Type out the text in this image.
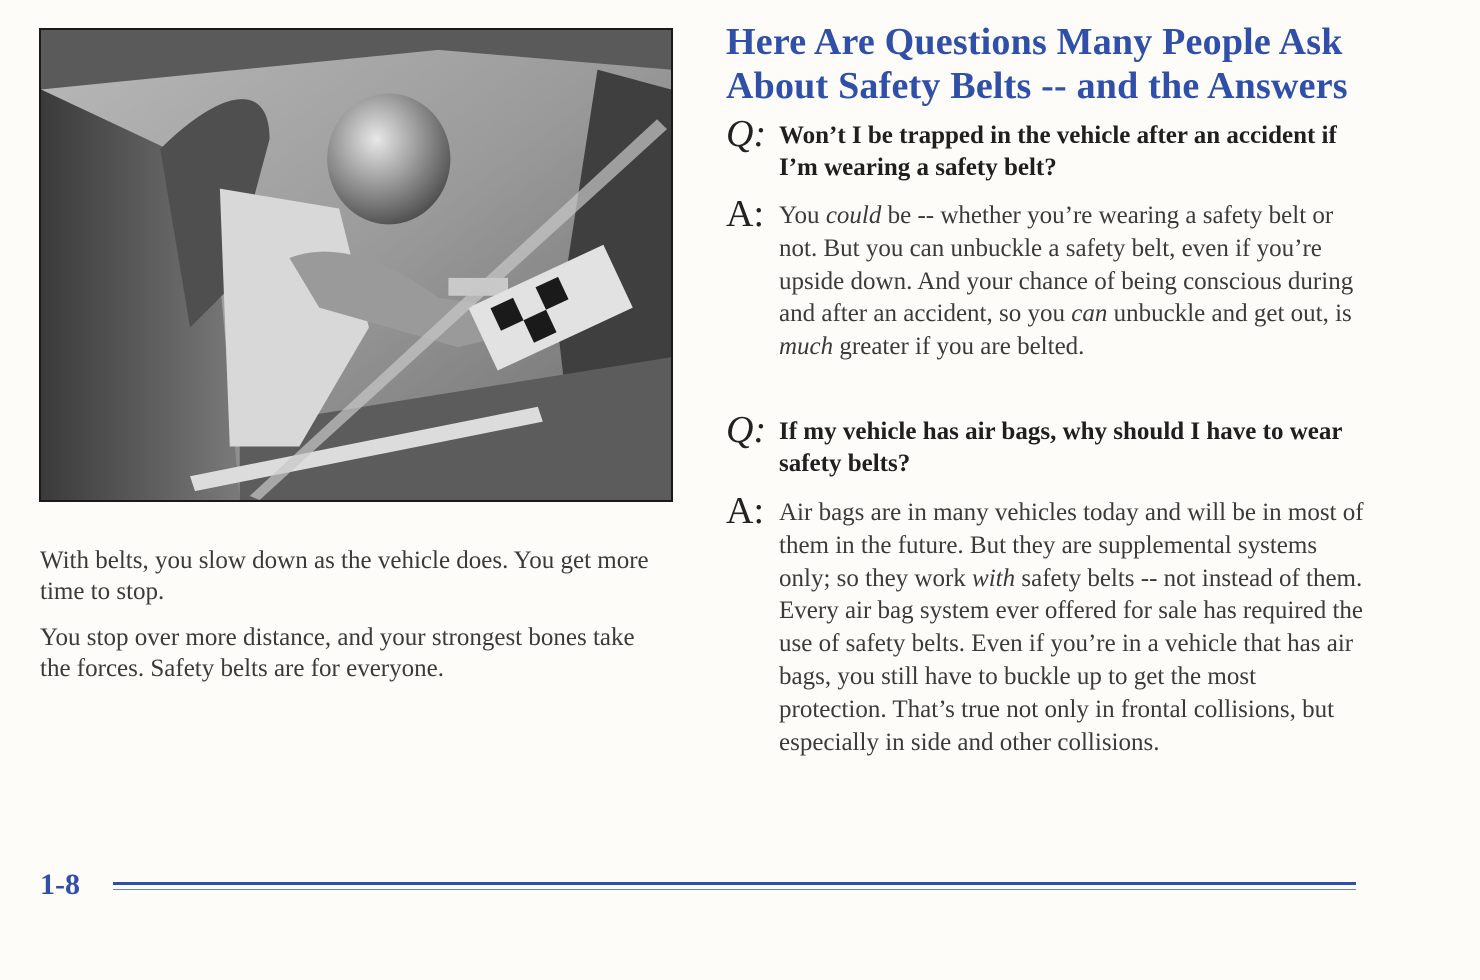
With belts, you slow down as the vehicle does. You get more time to stop.

You stop over more distance, and your strongest bones take the forces. Safety belts are for everyone.

Here Are Questions Many People Ask About Safety Belts -- and the Answers
Q: Won’t I be trapped in the vehicle after an accident if I’m wearing a safety belt?

A: You could be -- whether you’re wearing a safety belt or not. But you can unbuckle a safety belt, even if you’re upside down. And your chance of being conscious during and after an accident, so you can unbuckle and get out, is much greater if you are belted.

Q: If my vehicle has air bags, why should I have to wear safety belts?

A: Air bags are in many vehicles today and will be in most of them in the future. But they are supplemental systems only; so they work with safety belts -- not instead of them. Every air bag system ever offered for sale has required the use of safety belts. Even if you’re in a vehicle that has air bags, you still have to buckle up to get the most protection. That’s true not only in frontal collisions, but especially in side and other collisions.

1-8
